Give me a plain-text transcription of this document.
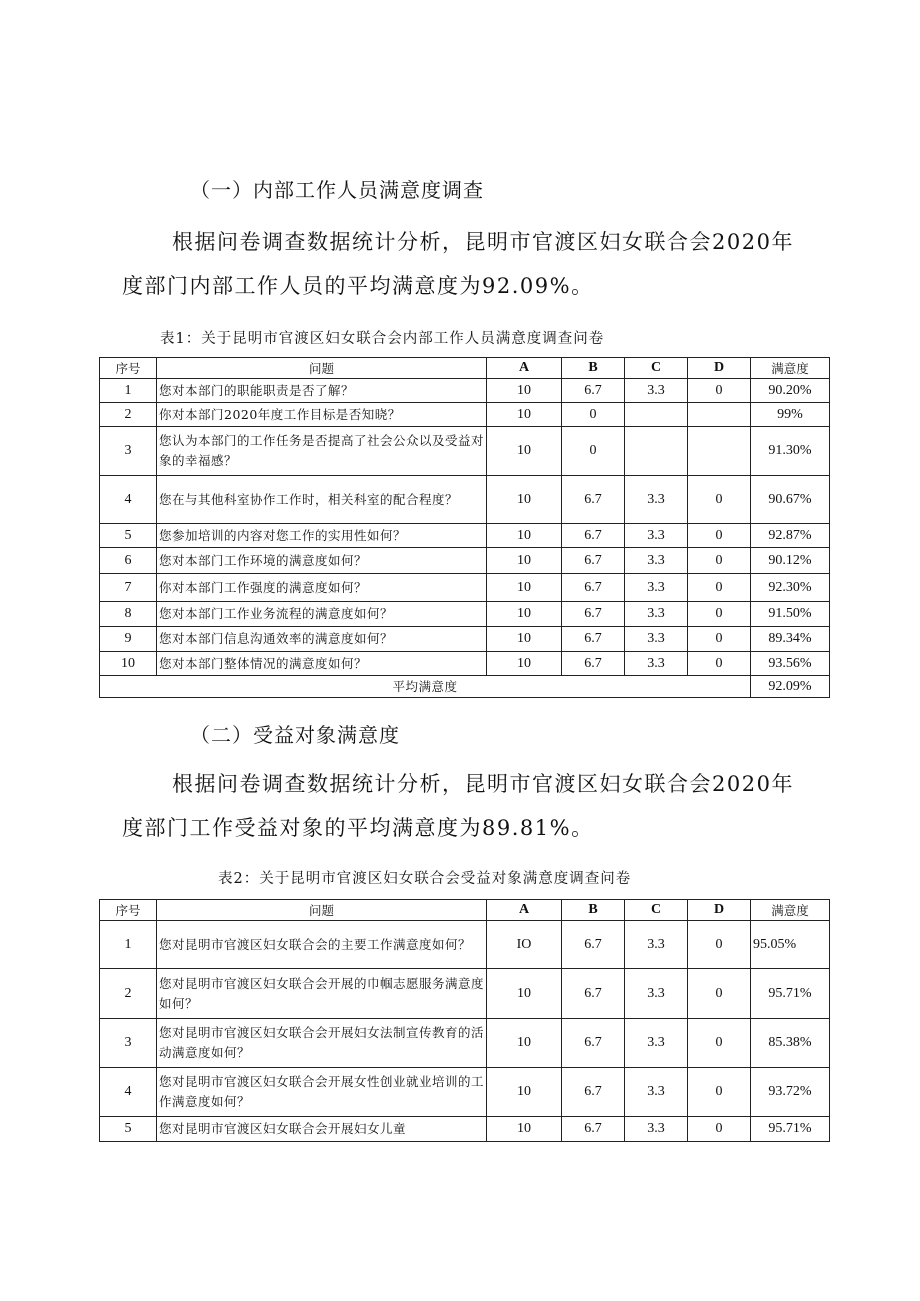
（一）内部工作人员满意度调查
根据问卷调查数据统计分析，昆明市官渡区妇女联合会2020年
度部门内部工作人员的平均满意度为92.09%。
表1：关于昆明市官渡区妇女联合会内部工作人员满意度调查问卷
序号	问题	A	B	C	D	满意度
1	您对本部门的职能职责是否了解？	10	6.7	3.3	0	90.20%
2	你对本部门2020年度工作目标是否知晓？	10	0			99%
3	您认为本部门的工作任务是否提高了社会公众以及受益对象的幸福感？	10	0			91.30%
4	您在与其他科室协作工作时，相关科室的配合程度？	10	6.7	3.3	0	90.67%
5	您参加培训的内容对您工作的实用性如何？	10	6.7	3.3	0	92.87%
6	您对本部门工作环境的满意度如何？	10	6.7	3.3	0	90.12%
7	你对本部门工作强度的满意度如何？	10	6.7	3.3	0	92.30%
8	您对本部门工作业务流程的满意度如何？	10	6.7	3.3	0	91.50%
9	您对本部门信息沟通效率的满意度如何？	10	6.7	3.3	0	89.34%
10	您对本部门整体情况的满意度如何？	10	6.7	3.3	0	93.56%
平均满意度						92.09%
（二）受益对象满意度
根据问卷调查数据统计分析，昆明市官渡区妇女联合会2020年
度部门工作受益对象的平均满意度为89.81%。
表2：关于昆明市官渡区妇女联合会受益对象满意度调查问卷
序号	问题	A	B	C	D	满意度
1	您对昆明市官渡区妇女联合会的主要工作满意度如何？	IO	6.7	3.3	0	95.05%
2	您对昆明市官渡区妇女联合会开展的巾帼志愿服务满意度如何？	10	6.7	3.3	0	95.71%
3	您对昆明市官渡区妇女联合会开展妇女法制宣传教育的活动满意度如何？	10	6.7	3.3	0	85.38%
4	您对昆明市官渡区妇女联合会开展女性创业就业培训的工作满意度如何？	10	6.7	3.3	0	93.72%
5	您对昆明市官渡区妇女联合会开展妇女儿童	10	6.7	3.3	0	95.71%
